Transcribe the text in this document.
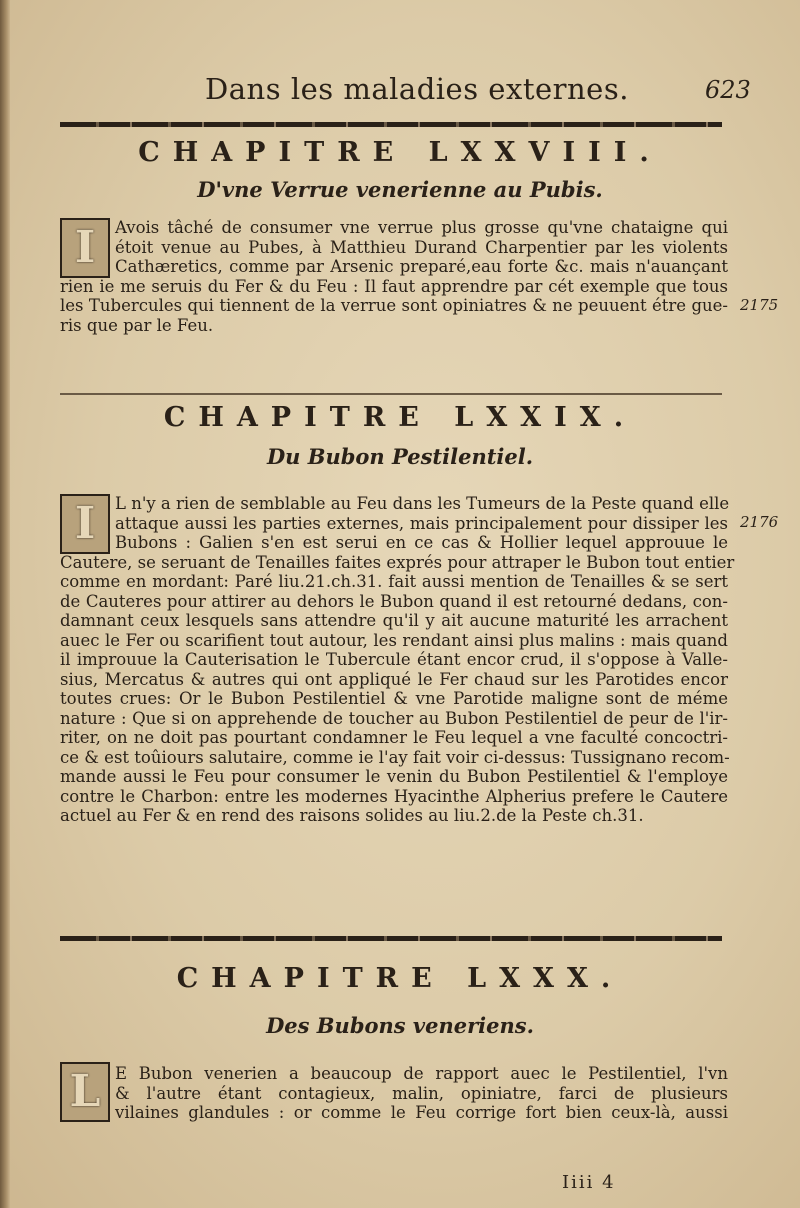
Dans les maladies externes.	623
CHAPITRE LXXVIII.
D'vne Verrue venerienne au Pubis.
I Avois tâché de consumer vne verrue plus grosse qu'vne chataigne qui
étoit venue au Pubes, à Matthieu Durand Charpentier par les violents
Cathæretics, comme par Arsenic preparé,eau forte &c. mais n'auançant
rien ie me seruis du Fer & du Feu : Il faut apprendre par cét exemple que tous
les Tubercules qui tiennent de la verrue sont opiniatres & ne peuuent étre gue-
ris que par le Feu.
2175
CHAPITRE LXXIX.
Du Bubon Pestilentiel.
I L n'y a rien de semblable au Feu dans les Tumeurs de la Peste quand elle
attaque aussi les parties externes, mais principalement pour dissiper les
Bubons : Galien s'en est serui en ce cas & Hollier lequel approuue le
Cautere, se seruant de Tenailles faites exprés pour attraper le Bubon tout entier
comme en mordant: Paré liu.21.ch.31. fait aussi mention de Tenailles & se sert
de Cauteres pour attirer au dehors le Bubon quand il est retourné dedans, con-
damnant ceux lesquels sans attendre qu'il y ait aucune maturité les arrachent
auec le Fer ou scarifient tout autour, les rendant ainsi plus malins : mais quand
il improuue la Cauterisation le Tubercule étant encor crud, il s'oppose à Valle-
sius, Mercatus & autres qui ont appliqué le Fer chaud sur les Parotides encor
toutes crues: Or le Bubon Pestilentiel & vne Parotide maligne sont de méme
nature : Que si on apprehende de toucher au Bubon Pestilentiel de peur de l'ir-
riter, on ne doit pas pourtant condamner le Feu lequel a vne faculté concoctri-
ce & est toûiours salutaire, comme ie l'ay fait voir ci-dessus: Tussignano recom-
mande aussi le Feu pour consumer le venin du Bubon Pestilentiel & l'employe
contre le Charbon: entre les modernes Hyacinthe Alpherius prefere le Cautere
actuel au Fer & en rend des raisons solides au liu.2.de la Peste ch.31.
2176
CHAPITRE LXXX.
Des Bubons veneriens.
L E Bubon venerien a beaucoup de rapport auec le Pestilentiel, l'vn
& l'autre étant contagieux, malin, opiniatre, farci de plusieurs
vilaines glandules : or comme le Feu corrige fort bien ceux-là, aussi
Iiii 4
